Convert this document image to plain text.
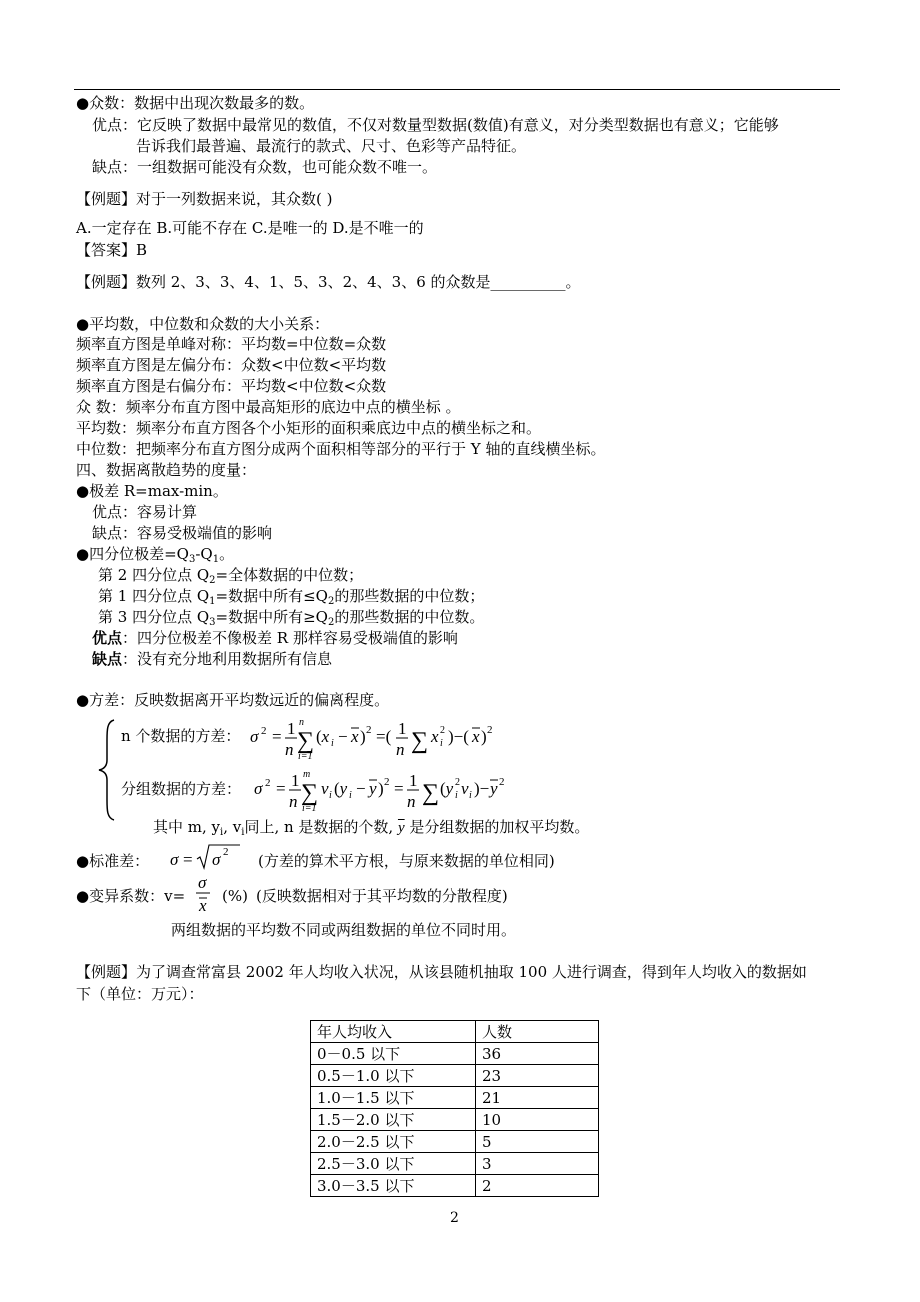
●众数：数据中出现次数最多的数。
优点：它反映了数据中最常见的数值，不仅对数量型数据(数值)有意义，对分类型数据也有意义；它能够
告诉我们最普遍、最流行的款式、尺寸、色彩等产品特征。
缺点：一组数据可能没有众数，也可能众数不唯一。
【例题】对于一列数据来说，其众数( )
A.一定存在 B.可能不存在 C.是唯一的 D.是不唯一的
【答案】B
【例题】数列 2、3、3、4、1、5、3、2、4、3、6 的众数是__________。
●平均数，中位数和众数的大小关系：
频率直方图是单峰对称：平均数=中位数=众数
频率直方图是左偏分布：众数<中位数<平均数
频率直方图是右偏分布：平均数<中位数<众数
众 数：频率分布直方图中最高矩形的底边中点的横坐标 。
平均数：频率分布直方图各个小矩形的面积乘底边中点的横坐标之和。
中位数：把频率分布直方图分成两个面积相等部分的平行于 Y 轴的直线横坐标。
四、数据离散趋势的度量：
●极差 R=max-min。
优点：容易计算
缺点：容易受极端值的影响
●四分位极差$=Q_3-Q_1$。
第 2 四分位点 $Q_2=$全体数据的中位数；
第 1 四分位点 $Q_1=$数据中所有$\le Q_2$的那些数据的中位数；
第 3 四分位点 $Q_3=$数据中所有$\ge Q_2$的那些数据的中位数。
优点：四分位极差不像极差 R 那样容易受极端值的影响
缺点：没有充分地利用数据所有信息
●方差：反映数据离开平均数远近的偏离程度。
n 个数据的方差： σ 2 = 1
n
n
∑
i=1
(x i − x ) 2 =( 1
n ∑ x i
2 )−( x ) 2
分组数据的方差： σ 2 = 1
n
m
∑
i=1
v i (y i − y ) 2 = 1
n ∑ (y i
2 v i )− y 2
其中 m, $y_i$, $v_i$同上, n 是数据的个数, $\overline{y}$ 是分组数据的加权平均数。
●标准差： σ = σ 2 (方差的算术平方根，与原来数据的单位相同)
●变异系数：v=
σ
x (%) (反映数据相对于其平均数的分散程度)
两组数据的平均数不同或两组数据的单位不同时用。
【例题】为了调查常富县 2002 年人均收入状况，从该县随机抽取 100 人进行调查，得到年人均收入的数据如
下（单位：万元）：
年人均收入	人数
0－0.5 以下	36
0.5－1.0 以下	23
1.0－1.5 以下	21
1.5－2.0 以下	10
2.0－2.5 以下	5
2.5－3.0 以下	3
3.0－3.5 以下	2
2
